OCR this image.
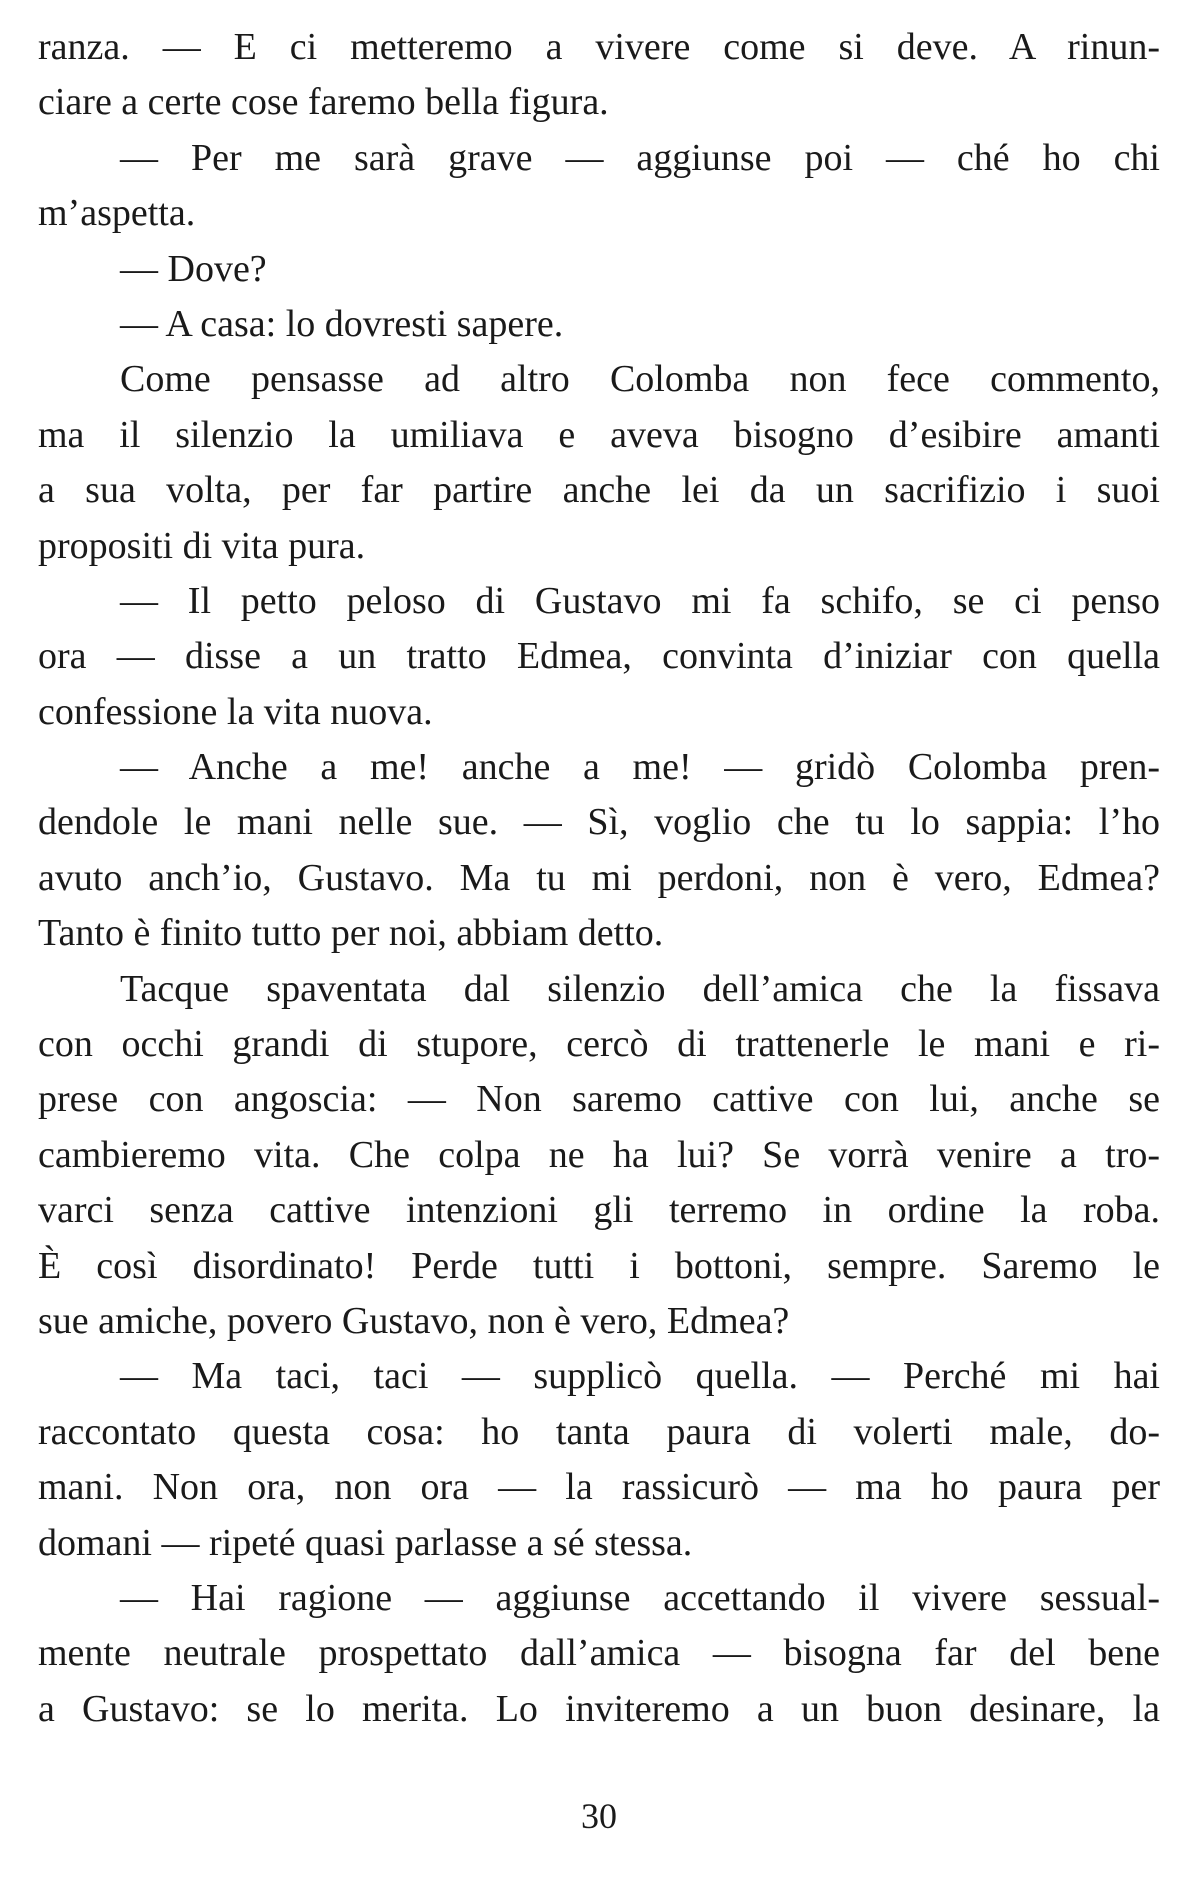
ranza. — E ci metteremo a vivere come si deve. A rinun-
ciare a certe cose faremo bella figura.
— Per me sarà grave — aggiunse poi — ché ho chi
m’aspetta.
— Dove?
— A casa: lo dovresti sapere.
Come pensasse ad altro Colomba non fece commento,
ma il silenzio la umiliava e aveva bisogno d’esibire amanti
a sua volta, per far partire anche lei da un sacrifizio i suoi
propositi di vita pura.
— Il petto peloso di Gustavo mi fa schifo, se ci penso
ora — disse a un tratto Edmea, convinta d’iniziar con quella
confessione la vita nuova.
— Anche a me! anche a me! — gridò Colomba pren-
dendole le mani nelle sue. — Sì, voglio che tu lo sappia: l’ho
avuto anch’io, Gustavo. Ma tu mi perdoni, non è vero, Edmea?
Tanto è finito tutto per noi, abbiam detto.
Tacque spaventata dal silenzio dell’amica che la fissava
con occhi grandi di stupore, cercò di trattenerle le mani e ri-
prese con angoscia: — Non saremo cattive con lui, anche se
cambieremo vita. Che colpa ne ha lui? Se vorrà venire a tro-
varci senza cattive intenzioni gli terremo in ordine la roba.
È così disordinato! Perde tutti i bottoni, sempre. Saremo le
sue amiche, povero Gustavo, non è vero, Edmea?
— Ma taci, taci — supplicò quella. — Perché mi hai
raccontato questa cosa: ho tanta paura di volerti male, do-
mani. Non ora, non ora — la rassicurò — ma ho paura per
domani — ripeté quasi parlasse a sé stessa.
— Hai ragione — aggiunse accettando il vivere sessual-
mente neutrale prospettato dall’amica — bisogna far del bene
a Gustavo: se lo merita. Lo inviteremo a un buon desinare, la
30
